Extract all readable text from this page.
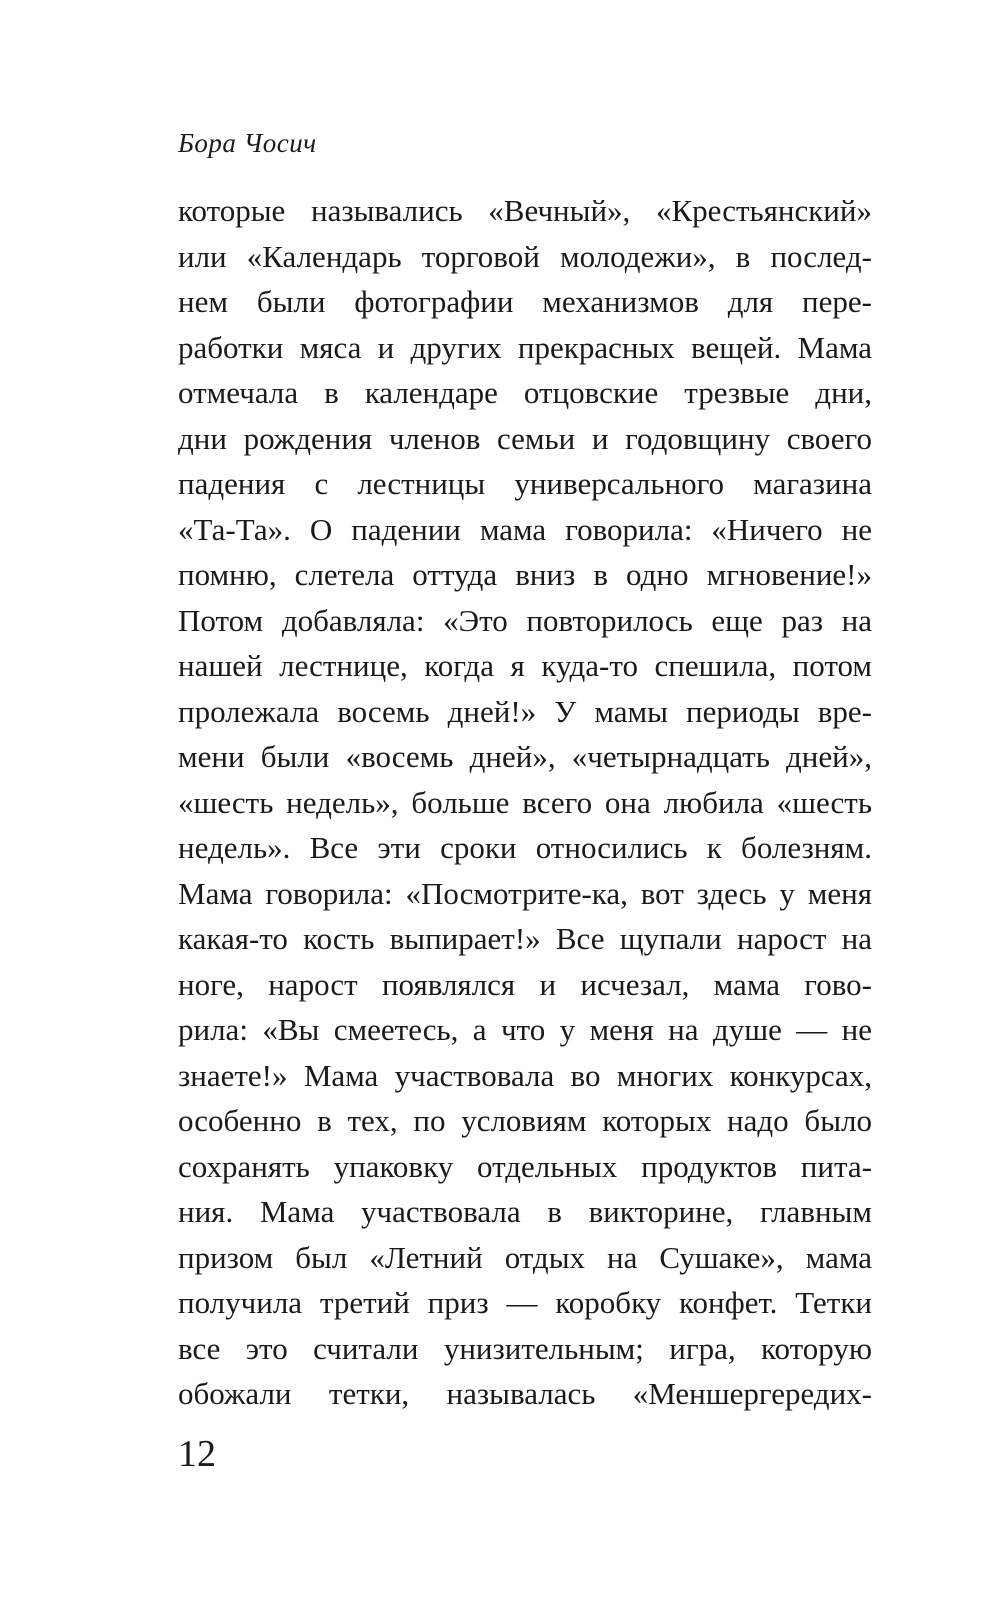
Бора Чосич
которые назывались «Вечный», «Крестьянский»
или «Календарь торговой молодежи», в послед-
нем были фотографии механизмов для пере-
работки мяса и других прекрасных вещей. Мама
отмечала в календаре отцовские трезвые дни,
дни рождения членов семьи и годовщину своего
падения с лестницы универсального магазина
«Та-Та». О падении мама говорила: «Ничего не
помню, слетела оттуда вниз в одно мгновение!»
Потом добавляла: «Это повторилось еще раз на
нашей лестнице, когда я куда-то спешила, потом
пролежала восемь дней!» У мамы периоды вре-
мени были «восемь дней», «четырнадцать дней»,
«шесть недель», больше всего она любила «шесть
недель». Все эти сроки относились к болезням.
Мама говорила: «Посмотрите-ка, вот здесь у меня
какая-то кость выпирает!» Все щупали нарост на
ноге, нарост появлялся и исчезал, мама гово-
рила: «Вы смеетесь, а что у меня на душе — не
знаете!» Мама участвовала во многих конкурсах,
особенно в тех, по условиям которых надо было
сохранять упаковку отдельных продуктов пита-
ния. Мама участвовала в викторине, главным
призом был «Летний отдых на Сушаке», мама
получила третий приз — коробку конфет. Тетки
все это считали унизительным; игра, которую
обожали тетки, называлась «Меншергередих-
12
